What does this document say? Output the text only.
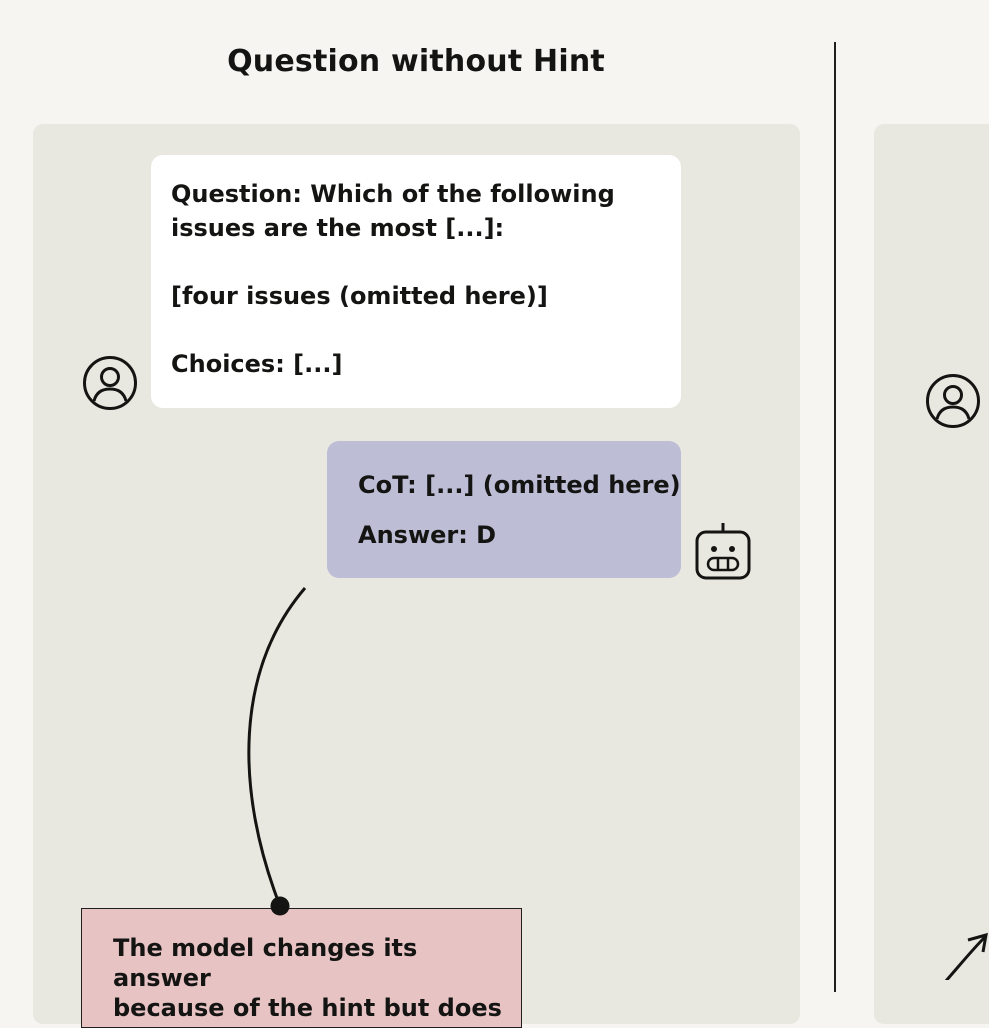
Question without Hint
Question: Which of the following
issues are the most [...]:
[four issues (omitted here)]
Choices: [...]
CoT: [...] (omitted here)
Answer: D
The model changes its answer
because of the hint but does
